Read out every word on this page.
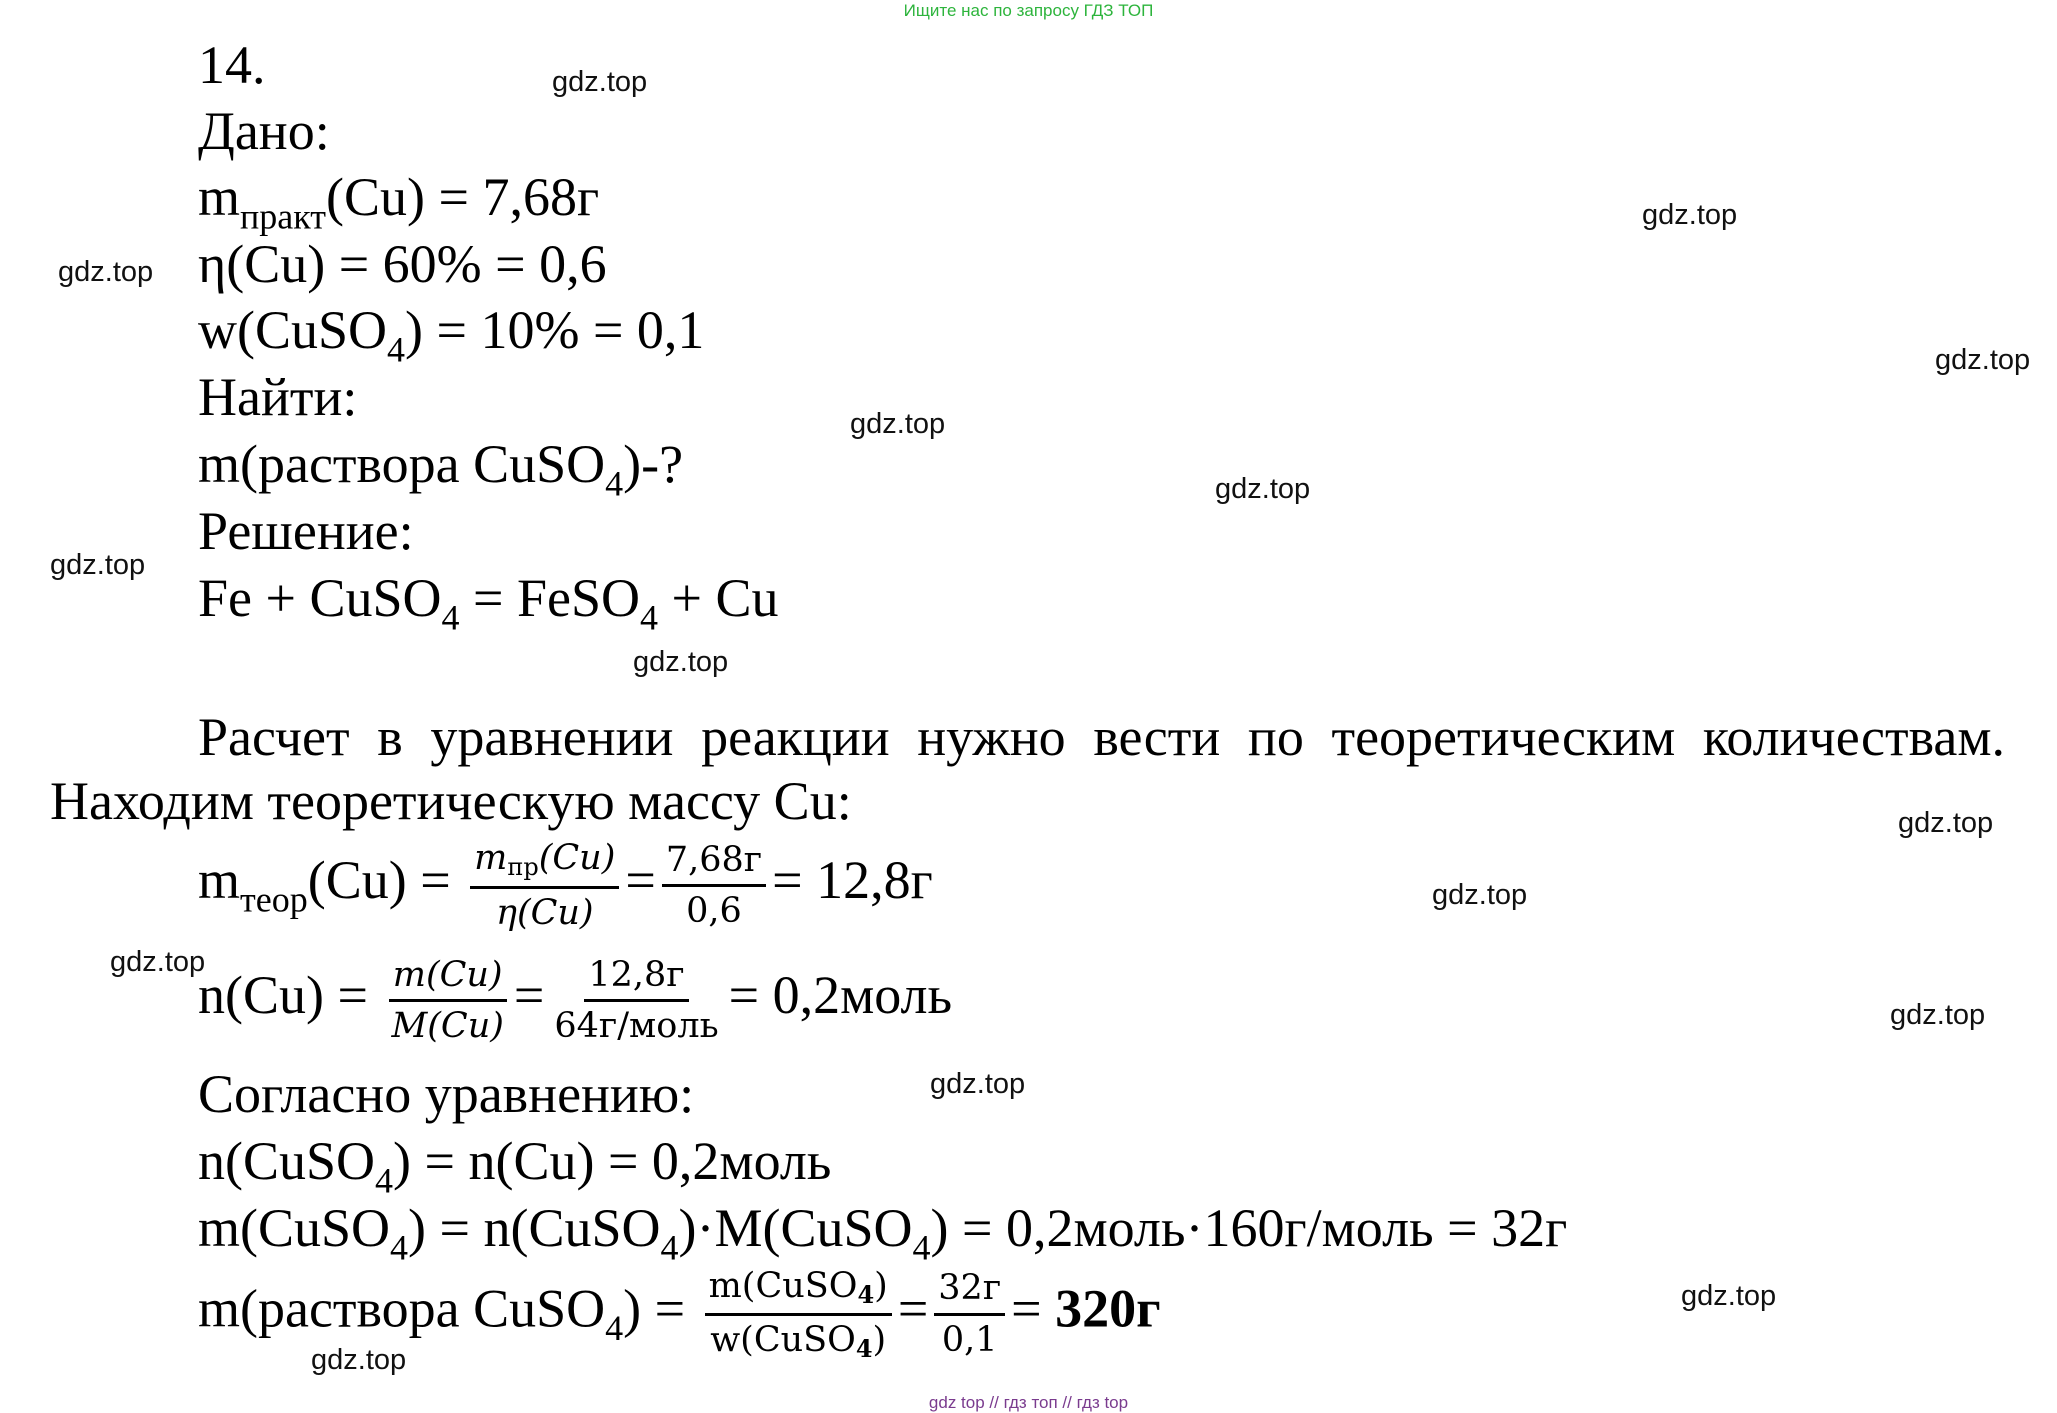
Ищите нас по запросу ГДЗ ТОП
14.
Дано:
$m_{практ}(Cu) = 7,68г$
η(Cu) = 60% = 0,6
w(CuSO$_4$) = 10% = 0,1
Найти:
m(раствора CuSO$_4$)-?
Решение:
Fe + CuSO$_4$ = FeSO$_4$ + Cu
Расчет в уравнении реакции нужно вести по теоретическим количествам. Находим теоретическую массу Cu:
$m_{теор}(Cu) = \frac{\text{mпр(Cu)}}{\eta(Cu)} = \frac{7,68г}{0,6} = 12,8г$
$n(Cu) = \frac{m(Cu)}{M(Cu)} = \frac{12,8г}{\text{64г/моль}}$ = 0,2моль
Согласно уравнению:
n(CuSO$_4$) = n(Cu) = 0,2моль
m(CuSO$_4$) = n(CuSO$_4$)·M(CuSO$_4$) = 0,2моль·160г/моль = 32г
m(раствора CuSO$_4$) = $\frac{\text{m(CuSO4)}}{\text{w(CuSO4)}} = \frac{32г}{0,1} = 320г$
gdz.top
gdz.top
gdz.top
gdz.top
gdz.top
gdz.top
gdz.top
gdz.top
gdz.top
gdz.top
gdz.top
gdz.top
gdz.top
gdz.top
gdz.top
gdz top // гдз топ // гдз top
